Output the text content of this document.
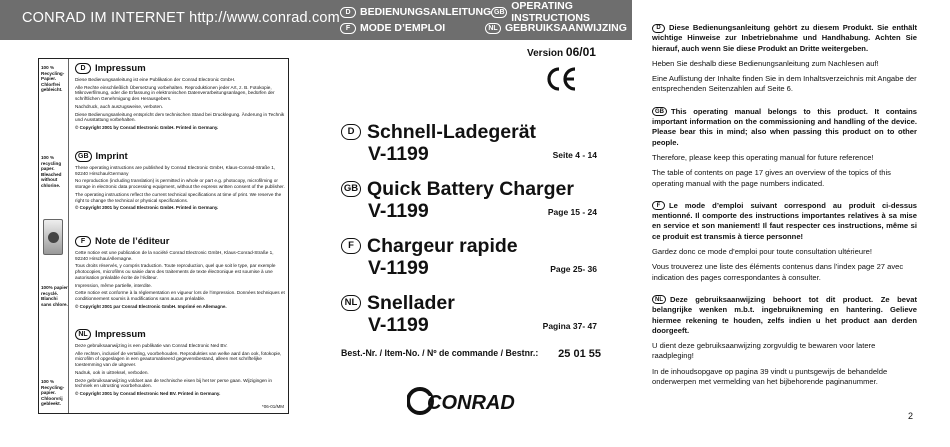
CONRAD IM INTERNET http://www.conrad.com D BEDIENUNGSANLEITUNG GB OPERATING INSTRUCTIONS
F MODE D’EMPLOI	NL GEBRUIKSAANWIJZING
100 % Recycling-Papier. Chlorfrei gebleicht.
100 % recycling paper. Bleached without chlorine.
100% papier recyclé. Blanchi sans chlore.
100 % Recycling-papier. Chloorvrij gebleekt.
D Impressum

Diese Bedienungsanleitung ist eine Publikation der Conrad Electronic GmbH.

Alle Rechte einschließlich Übersetzung vorbehalten. Reproduktionen jeder Art, z. B. Fotokopie, Mikroverfilmung, oder die Erfassung in elektronischen Datenverarbeitungsanlagen, bedürfen der schriftlichen Genehmigung des Herausgebers.

Nachdruck, auch auszugsweise, verboten.

Diese Bedienungsanleitung entspricht dem technischen Stand bei Drucklegung. Änderung in Technik und Ausstattung vorbehalten.

© Copyright 2001 by Conrad Electronic GmbH. Printed in Germany.
GB Imprint

These operating instructions are published by Conrad Electronic GmbH, Klaus-Conrad-Straße 1, 92240 Hirschau/Germany

No reproduction (including translation) is permitted in whole or part e.g. photocopy, microfilming or storage in electronic data processing equipment, without the express written consent of the publisher.

The operating instructions reflect the current technical specifications at time of print. We reserve the right to change the technical or physical specifications.

© Copyright 2001 by Conrad Electronic GmbH. Printed in Germany.
F	Note de l’éditeur

Cette notice est une publication de la société Conrad Electronic GmbH, Klaus-Conrad-Straße 1, 92240 Hirschau/Allemagne.

Tous droits réservés, y compris traduction. Toute reproduction, quel que soit le type, par exemple photocopies, microfilms ou saisie dans des traitements de texte électronique est soumise à une autorisation préalable écrite de l’éditeur.

Impression, même partielle, interdite.

Cette notice est conforme à la réglementation en vigueur lors de l’impression. Données techniques et conditionnement soumis à modifications sans aucun préalable.

© Copyright 2001 par Conrad Electronic GmbH. Imprimé en Allemagne.
NL Impressum

Deze gebruiksaanwijzing is een publikatie van Conrad Electronic Ned BV.

Alle rechten, inclusief de vertaling, voorbehouden. Reprodukties van welke aard dan ook, fotokopie, microfilm of opgeslagen in een geautomatiseerd gegevensbestand, alleen met schriftelijke toestemming van de uitgever.

Nadruk, ook in uittreksel, verboden.

Deze gebruiksaanwijzing voldoet aan de technische eisen bij het ter perse gaan. Wijzigingen in techniek en uitrusting voorbehouden.

© Copyright 2001 by Conrad Electronic Ned BV. Printed in Germany.
*06-01/MM
Version 06/01
D Schnell-Ladegerät
V-1199	Seite 4 - 14
GB Quick Battery Charger
V-1199	Page 15 - 24
F Chargeur rapide
V-1199	Page 25- 36
NL Snellader
V-1199	Pagina 37- 47
Best.-Nr. / Item-No. / Nº de commande / Bestnr.: 25 01 55
CONRAD
D Diese Bedienungsanleitung gehört zu diesem Produkt. Sie enthält wichtige Hinweise zur Inbetriebnahme und Handhabung. Achten Sie hierauf, auch wenn Sie diese Produkt an Dritte weitergeben.
Heben Sie deshalb diese Bedienungsanleitung zum Nachlesen auf!
Eine Auflistung der Inhalte finden Sie in dem Inhaltsverzeichnis mit Angabe der entsprechenden Seitenzahlen auf Seite 6.
GB This operating manual belongs to this product. It contains important information on the commissioning and handling of the device. Please bear this in mind; also when passing this product on to other people.
Therefore, please keep this operating manual for future reference!
The table of contents on page 17 gives an overview of the topics of this operating manual with the page numbers indicated.
F Le mode d’emploi suivant correspond au produit ci-dessus mentionné. Il comporte des instructions importantes relatives à sa mise en service et son maniement! Il faut respecter ces instructions, même si ce produit est transmis à tierce personne!
Gardez donc ce mode d’emploi pour toute consultation ultérieure!
Vous trouverez une liste des éléments contenus dans l’index page 27 avec indication des pages correspondantes à consulter.
NL Deze gebruiksaanwijzing behoort tot dit product. Ze bevat belangrijke wenken m.b.t. ingebruikneming en hantering. Gelieve hiermee rekening te houden, zelfs indien u het product aan derden doorgeeft.
U dient deze gebruiksaanwijzing zorgvuldig te bewaren voor latere raadpleging!
In de inhoudsopgave op pagina 39 vindt u puntsgewijs de behandelde onderwerpen met vermelding van het bijbehorende paginanummer.
2
